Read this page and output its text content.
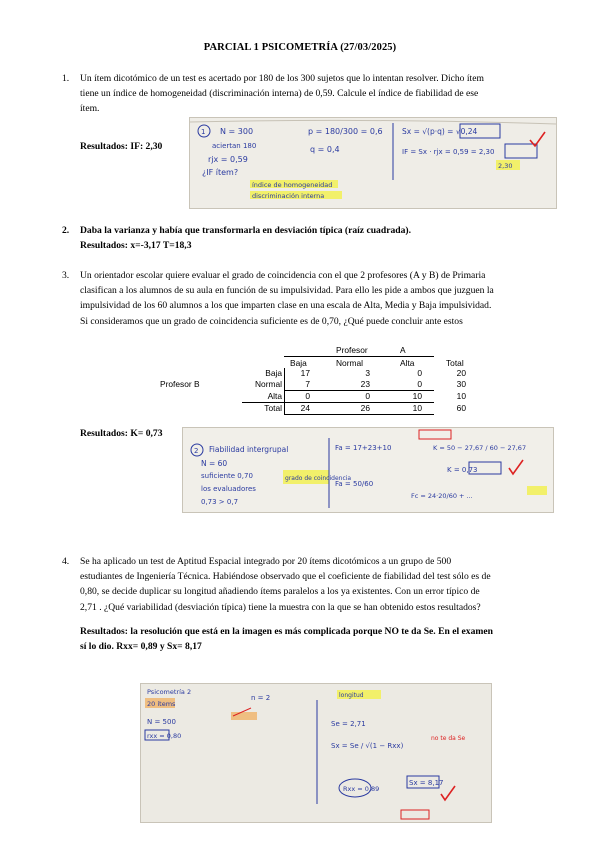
PARCIAL 1 PSICOMETRÍA (27/03/2025)
1. Un ítem dicotómico de un test es acertado por 180 de los 300 sujetos que lo intentan resolver. Dicho ítem
tiene un índice de homogeneidad (discriminación interna) de 0,59. Calcule el índice de fiabilidad de ese
ítem.
Resultados: IF: 2,30
1 N = 300
aciertan 180
p = 180/300 = 0,6
q = 0,4
Sx = √(p·q) = √0,24
IF = Sx · rjx = 0,59 = 2,30
rjx = 0,59
¿IF ítem?
índice de homogeneidad
discriminación interna
2,30
2. Daba la varianza y había que transformarla en desviación típica (raíz cuadrada).
Resultados: x=-3,17 T=18,3
3. Un orientador escolar quiere evaluar el grado de coincidencia con el que 2 profesores (A y B) de Primaria
clasifican a los alumnos de su aula en función de su impulsividad. Para ello les pide a ambos que juzguen la
impulsividad de los 60 alumnos a los que imparten clase en una escala de Alta, Media y Baja impulsividad.
Si consideramos que un grado de coincidencia suficiente es de 0,70, ¿Qué puede concluir ante estos
Profesor	A
Baja	Normal	Alta	Total
Baja	17	3	0	20
Profesor B	Normal	7	23	0	30
Alta	0	0	10	10
Total	24	26	10	60
Resultados: K= 0,73
2 Fiabilidad intergrupal
N = 60
suficiente 0,70	grado de coincidencia
los evaluadores
0,73 > 0,7
Fa = 17+23+10
Fa = 50/60
Fc = 24·20/60 + ...
K = 50 − 27,67 / 60 − 27,67
K = 0,73
4. Se ha aplicado un test de Aptitud Espacial integrado por 20 ítems dicotómicos a un grupo de 500
estudiantes de Ingeniería Técnica. Habiéndose observado que el coeficiente de fiabilidad del test sólo es de
0,80, se decide duplicar su longitud añadiendo ítems paralelos a los ya existentes. Con un error típico de
2,71 . ¿Qué variabilidad (desviación típica) tiene la muestra con la que se han obtenido estos resultados?
Resultados: la resolución que está en la imagen es más complicada porque NO te da Se. En el examen
sí lo dio. Rxx= 0,89 y Sx= 8,17
Psicometría 2
20 ítems
N = 500
rxx = 0,80
n = 2	longitud
Se = 2,71
Sx = Se / √(1 − Rxx)
Rxx = 0,89
Sx = 8,17
no te da Se
